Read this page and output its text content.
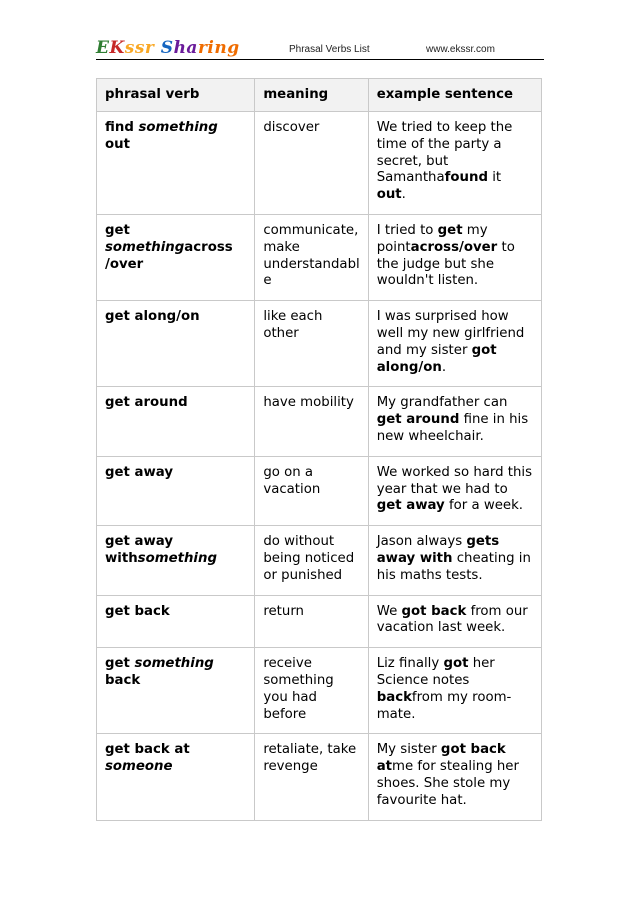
EKssr Sharing	Phrasal Verbs List	www.ekssr.com
phrasal verb	meaning	example sentence
find something out	discover	We tried to keep the time of the party a secret, but Samanthafound it out.
get somethingacross /over	communicate, make understandabl e	I tried to get my pointacross/over to the judge but she wouldn't listen.
get along/on	like each other	I was surprised how well my new girlfriend and my sister got along/on.
get around	have mobility	My grandfather can get around fine in his new wheelchair.
get away	go on a vacation	We worked so hard this year that we had to get away for a week.
get away withsomething	do without being noticed or punished	Jason always gets away with cheating in his maths tests.
get back	return	We got back from our vacation last week.
get something back	receive something you had before	Liz finally got her Science notes backfrom my room-mate.
get back at someone	retaliate, take revenge	My sister got back atme for stealing her shoes. She stole my favourite hat.
